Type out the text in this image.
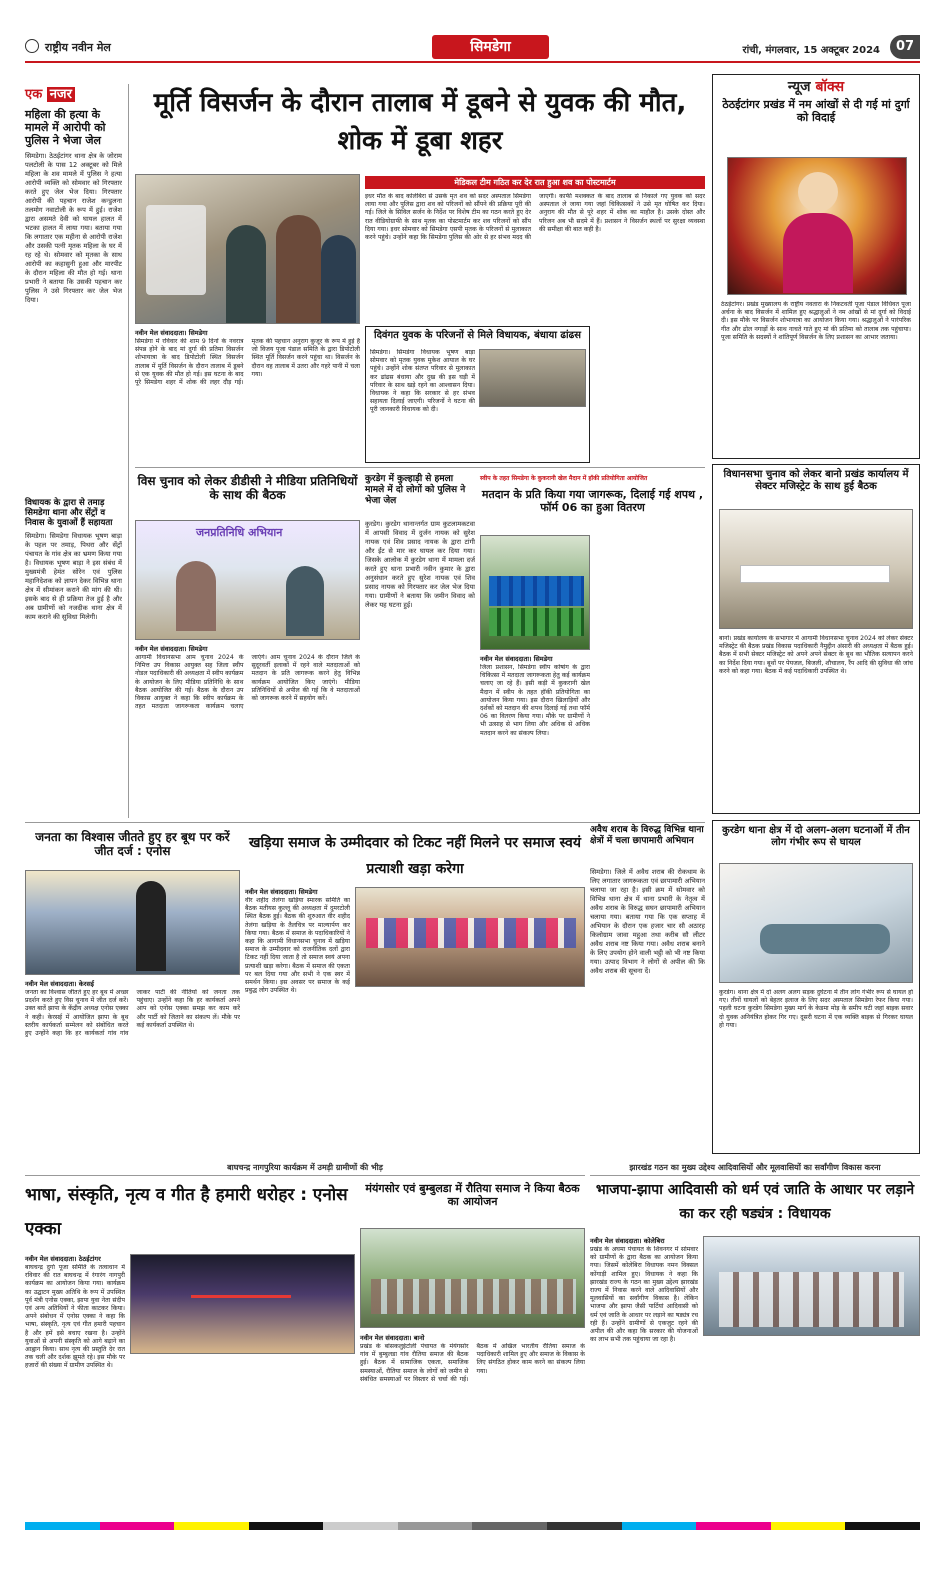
राष्ट्रीय नवीन मेल	सिमडेगा	रांची, मंगलवार, 15 अक्टूबर 2024	07
एक नजर
महिला की हत्या के मामले में आरोपी को पुलिस ने भेजा जेल
सिमडेगा। ठेठईटांगर थाना क्षेत्र के जोराम पलटोली के पास 12 अक्टूबर को मिले महिला के शव मामले में पुलिस ने हत्या आरोपी व्यक्ति को सोमवार को गिरफ्तार करते हुए जेल भेज दिया। गिरफ्तार आरोपी की पहचान राजेश कन्डुलना तलमोग नवाटोली के रूप में हुई। राजेश द्वारा असमते देवी को घायल हालत में भटका हालत में लाया गया। बताया गया कि लगातार एक महीना से आरोपी राजेश और उसकी पत्नी मृतक महिला के घर में रह रहे थे। सोमवार को मृतका के साथ आरोपी का कहासुनी हुआ और मारपीट के दौरान महिला की मौत हो गई। थाना प्रभारी ने बताया कि उसकी पहचान कर पुलिस ने उसे गिरफ्तार कर जेल भेज दिया।
विधायक के द्वारा से तमाड़ सिमडेगा थाना और सेंट्रों व निवास के युवाओं हैं सहायता
सिमडेगा। सिमडेगा विधायक भूषण बाड़ा के पहल पर तमाड़, पिथरा और सेंट्रों पंचायत के गांव क्षेत्र का भ्रमण किया गया है। विधायक भूषण बाड़ा ने इस संबंध में मुख्यमंत्री हेमंत सोरेन एवं पुलिस महानिदेशक को ज्ञापन देकर विभिन्न थाना क्षेत्र में सीमांकन कराने की मांग की थी। इसके बाद से ही प्रक्रिया तेज हुई है और अब ग्रामीणों को नजदीक थाना क्षेत्र में काम कराने की सुविधा मिलेगी।
मूर्ति विसर्जन के दौरान तालाब में डूबने से युवक की मौत, शोक में डूबा शहर
मेडिकल टीम गठित कर देर रात हुआ शव का पोस्टमार्टम
इधर मौत के बाद कोलेबिरा से उसके मृत शव को सदर अस्पताल सिमडेगा लाया गया और पुलिस द्वारा शव को परिजनों को सौंपने की प्रक्रिया पूरी की गई। जिले के सिविल सर्जन के निर्देश पर विशेष टीम का गठन करते हुए देर रात वीडियोग्राफी के साथ मृतक का पोस्टमार्टम कर शव परिजनों को सौंप दिया गया। इधर सोमवार को सिमडेगा एसपी मृतक के परिजनों से मुलाकात करने पहुंचे। उन्होंने कहा कि सिमडेगा पुलिस की ओर से हर संभव मदद की जाएगी। काफी मशक्कत के बाद तालाब से निकाले गए युवक को सदर अस्पताल ले जाया गया जहां चिकित्सकों ने उसे मृत घोषित कर दिया। अनुराग की मौत से पूरे शहर में शोक का माहौल है। उसके दोस्त और परिजन अब भी सदमे में हैं। प्रशासन ने विसर्जन स्थलों पर सुरक्षा व्यवस्था की समीक्षा की बात कही है।
नवीन मेल संवाददाता। सिमडेगा
सिमडेगा में रविवार की शाम 9 दिनों के नवरात्र संपन्न होने के बाद मां दुर्गा की प्रतिमा विसर्जन शोभायात्रा के बाद डिपोटोली स्थित विसर्जन तालाब में मूर्ति विसर्जन के दौरान तालाब में डूबने से एक युवक की मौत हो गई। इस घटना के बाद पूरे सिमडेगा शहर में शोक की लहर दौड़ गई। मृतक की पहचान अनुराग कुजूर के रूप में हुई है जो विजय पूजा पंडाल समिति के द्वारा डिपोटोली स्थित मूर्ति विसर्जन करने पहुंचा था। विसर्जन के दौरान वह तालाब में उतरा और गहरे पानी में चला गया।
दिवंगत युवक के परिजनों से मिले विधायक, बंधाया ढांढस
सिमडेगा। सिमडेगा विधायक भूषण बाड़ा सोमवार को मृतक युवक मुकेश आयाल के घर पहुंचे। उन्होंने शोक संतप्त परिवार से मुलाकात कर ढांढस बंधाया और दुख की इस घड़ी में परिवार के साथ खड़े रहने का आश्वासन दिया। विधायक ने कहा कि सरकार से हर संभव सहायता दिलाई जाएगी। परिजनों ने घटना की पूरी जानकारी विधायक को दी।
न्यूज बॉक्स
ठेठईटांगर प्रखंड में नम आंखों से दी गई मां दुर्गा को विदाई
ठेठईटांगर। प्रखंड मुख्यालय के राष्ट्रीय नवतारा के निकटवर्ती पूजा पंडाल विधिवत पूजा अर्चना के बाद विसर्जन में शामिल हुए श्रद्धालुओं ने नम आंखों से मां दुर्गा को विदाई दी। इस मौके पर विसर्जन शोभायात्रा का आयोजन किया गया। श्रद्धालुओं ने पारंपरिक गीत और ढोल नगाड़ों के साथ नाचते गाते हुए मां की प्रतिमा को तालाब तक पहुंचाया। पूजा समिति के सदस्यों ने शांतिपूर्ण विसर्जन के लिए प्रशासन का आभार जताया।
विस चुनाव को लेकर डीडीसी ने मीडिया प्रतिनिधियों के साथ की बैठक
जनप्रतिनिधि अभियान
नवीन मेल संवाददाता। सिमडेगा
आगामी विधानसभा आम चुनाव 2024 के निमित्त उप विकास आयुक्त सह जिला स्वीप नोडल पदाधिकारी की अध्यक्षता में स्वीप कार्यक्रम के आयोजन के लिए मीडिया प्रतिनिधि के साथ बैठक आयोजित की गई। बैठक के दौरान उप विकास आयुक्त ने कहा कि स्वीप कार्यक्रम के तहत मतदाता जागरूकता कार्यक्रम चलाए जाएंगे। आम चुनाव 2024 के दौरान जिले के सुदूरवर्ती इलाकों में रहने वाले मतदाताओं को मतदान के प्रति जागरूक करने हेतु विभिन्न कार्यक्रम आयोजित किए जाएंगे। मीडिया प्रतिनिधियों से अपील की गई कि वे मतदाताओं को जागरूक करने में सहयोग करें।
कुरडेग में कुल्हाड़ी से हमला मामले में दो लोगों को पुलिस ने भेजा जेल
कुरडेग। कुरडेग थानान्तर्गत ग्राम कुटलामकटवा में आपसी विवाद में दुर्जन नायक को सुरेश नायक एवं शिव प्रसाद नायक के द्वारा टांगी और ईंट से मार कर घायल कर दिया गया। जिसके आलोक में कुरडेग थाना में मामला दर्ज करते हुए थाना प्रभारी नवीन कुमार के द्वारा अनुसंधान करते हुए सुरेश नायक एवं शिव प्रसाद नायक को गिरफ्तार कर जेल भेज दिया गया। ग्रामीणों ने बताया कि जमीन विवाद को लेकर यह घटना हुई।
स्वीप के तहत सिमडेगा के कुकरानी खेल मैदान में हॉकी प्रतियोगिता आयोजित
मतदान के प्रति किया गया जागरूक, दिलाई गई शपथ , फॉर्म 06 का हुआ वितरण
नवीन मेल संवाददाता। सिमडेगा
जिला प्रशासन, सिमडेगा स्वीप कोषांग के द्वारा चिकित्सा में मतदाता जागरूकता हेतु कई कार्यक्रम चलाए जा रहे हैं। इसी कड़ी में कुकरानी खेल मैदान में स्वीप के तहत हॉकी प्रतियोगिता का आयोजन किया गया। इस दौरान खिलाड़ियों और दर्शकों को मतदान की शपथ दिलाई गई तथा फॉर्म 06 का वितरण किया गया। मौके पर ग्रामीणों ने भी उत्साह से भाग लिया और अधिक से अधिक मतदान करने का संकल्प लिया।
विधानसभा चुनाव को लेकर बानो प्रखंड कार्यालय में सेक्टर मजिस्ट्रेट के साथ हुई बैठक
बानो। प्रखंड कार्यालय के सभागार में आगामी विधानसभा चुनाव 2024 को लेकर सेक्टर मजिस्ट्रेट की बैठक प्रखंड विकास पदाधिकारी नैमुद्दीन अंसारी की अध्यक्षता में बैठक हुई। बैठक में सभी सेक्टर मजिस्ट्रेट को अपने अपने सेक्टर के बूथ का भौतिक सत्यापन करने का निर्देश दिया गया। बूथों पर पेयजल, बिजली, शौचालय, रैंप आदि की सुविधा की जांच करने को कहा गया। बैठक में कई पदाधिकारी उपस्थित थे।
जनता का विश्वास जीतते हुए हर बूथ पर करें जीत दर्ज : एनोस
नवीन मेल संवाददाता। केरसई
जनता का विश्वास जीतते हुए हर बूथ में अच्छा प्रदर्शन करते हुए विस चुनाव में जीत दर्ज करें। उक्त बातें झापा के केंद्रीय अध्यक्ष एनोस एक्का ने कही। केरसई में आयोजित झापा के बूथ स्तरीय कार्यकर्ता सम्मेलन को संबोधित करते हुए उन्होंने कहा कि हर कार्यकर्ता गांव गांव जाकर पार्टी की नीतियों को जनता तक पहुंचाए। उन्होंने कहा कि हर कार्यकर्ता अपने आप को एनोस एक्का समझ कर काम करें और पार्टी को जिताने का संकल्प लें। मौके पर कई कार्यकर्ता उपस्थित थे।
खड़िया समाज के उम्मीदवार को टिकट नहीं मिलने पर समाज स्वयं प्रत्याशी खड़ा करेगा
नवीन मेल संवाददाता। सिमडेगा
वीर शहीद तेलंगा खड़िया स्मारक समिति का बैठक मतीयस कुल्लू की अध्यक्षता में दुमरटोली स्थित बैठक हुई। बैठक की शुरुआत वीर शहीद तेलंगा खड़िया के तैलचित्र पर माल्यार्पण कर किया गया। बैठक में समाज के पदाधिकारियों ने कहा कि आगामी विधानसभा चुनाव में खड़िया समाज के उम्मीदवार को राजनीतिक दलों द्वारा टिकट नहीं दिया जाता है तो समाज स्वयं अपना प्रत्याशी खड़ा करेगा। बैठक में समाज की एकता पर बल दिया गया और सभी ने एक स्वर में समर्थन किया। इस अवसर पर समाज के कई प्रबुद्ध लोग उपस्थित थे।
अवैध शराब के विरुद्ध विभिन्न थाना क्षेत्रों में चला छापामारी अभियान
सिमडेगा। जिले में अवैध शराब की रोकथाम के लिए लगातार जागरूकता एवं छापामारी अभियान चलाया जा रहा है। इसी क्रम में सोमवार को विभिन्न थाना क्षेत्र में थाना प्रभारी के नेतृत्व में अवैध शराब के विरुद्ध सघन छापामारी अभियान चलाया गया। बताया गया कि एक सप्ताह में अभियान के दौरान एक हजार चार सौ अठारह किलोग्राम जावा महुआ तथा करीब सौ लीटर अवैध शराब नष्ट किया गया। अवैध शराब बनाने के लिए उपयोग होने वाली भट्ठी को भी नष्ट किया गया। उत्पाद विभाग ने लोगों से अपील की कि अवैध शराब की सूचना दें।
कुरडेग थाना क्षेत्र में दो अलग-अलग घटनाओं में तीन लोग गंभीर रूप से घायल
कुरडेग। थाना क्षेत्र में दो अलग अलग सड़क दुर्घटना में तीन लोग गंभीर रूप से घायल हो गए। तीनों घायलों को बेहतर इलाज के लिए सदर अस्पताल सिमडेगा रेफर किया गया। पहली घटना कुरडेग सिमडेगा मुख्य मार्ग के केडमा मोड़ के समीप घटी जहां बाइक सवार दो युवक अनियंत्रित होकर गिर गए। दूसरी घटना में एक व्यक्ति बाइक से गिरकर घायल हो गया।
बाघचन्द्र नागपुरिया कार्यक्रम में उमड़ी ग्रामीणों की भीड़	झारखंड गठन का मुख्य उद्देश्य आदिवासियों और मूलवासियों का सर्वांगीण विकास करना
भाषा, संस्कृति, नृत्य व गीत है हमारी धरोहर : एनोस एक्का
नवीन मेल संवाददाता। ठेठईटांगर
बाघचन्द्र दुर्गा पूजा समिति के तत्वाधान में रविवार की रात बाघचन्द्र में रंगारंग नागपुरी कार्यक्रम का आयोजन किया गया। कार्यक्रम का उद्घाटन मुख्य अतिथि के रूप में उपस्थित पूर्व मंत्री एनोस एक्का, झापा युवा नेता संदीप एवं अन्य अतिथियों ने फीता काटकर किया। अपने संबोधन में एनोस एक्का ने कहा कि भाषा, संस्कृति, नृत्य एवं गीत हमारी पहचान है और हमें इसे बचाए रखना है। उन्होंने युवाओं से अपनी संस्कृति को आगे बढ़ाने का आह्वान किया। साथ नृत्य की प्रस्तुति देर रात तक चली और दर्शक झूमते रहे। इस मौके पर हजारों की संख्या में ग्रामीण उपस्थित थे।
मंयंगसोर एवं बुम्बुलडा में रौतिया समाज ने किया बैठक का आयोजन
नवीन मेल संवाददाता। बानो
प्रखंड के बांसकलुईटोली पंचायत के मंयंगसोर गांव में बुम्बुलडा गांव रौतिया समाज की बैठक हुई। बैठक में सामाजिक एकता, समाजिक समस्याओं, रौतिया समाज के लोगों को जमीन से संबंधित समस्याओं पर विस्तार से चर्चा की गई। बैठक में अखिल भारतीय रौतिया समाज के पदाधिकारी शामिल हुए और समाज के विकास के लिए संगठित होकर काम करने का संकल्प लिया गया।
भाजपा-झापा आदिवासी को धर्म एवं जाति के आधार पर लड़ाने का कर रही षड्यंत्र : विधायक
नवीन मेल संवाददाता। कोलेबिरा
प्रखंड के अघमा पंचायत के शिवनगर में सोमवार को ग्रामीणों के द्वारा बैठक का आयोजन किया गया। जिसमें कोलेबिरा विधायक नमन विक्सल कोंगाड़ी शामिल हुए। विधायक ने कहा कि झारखंड राज्य के गठन का मुख्य उद्देश्य झारखंड राज्य में निवास करने वाले आदिवासियों और मूलवासियों का सर्वांगीण विकास है। लेकिन भाजपा और झापा जैसी पार्टियां आदिवासी को धर्म एवं जाति के आधार पर लड़ाने का षड्यंत्र रच रही हैं। उन्होंने ग्रामीणों से एकजुट रहने की अपील की और कहा कि सरकार की योजनाओं का लाभ सभी तक पहुंचाया जा रहा है।
